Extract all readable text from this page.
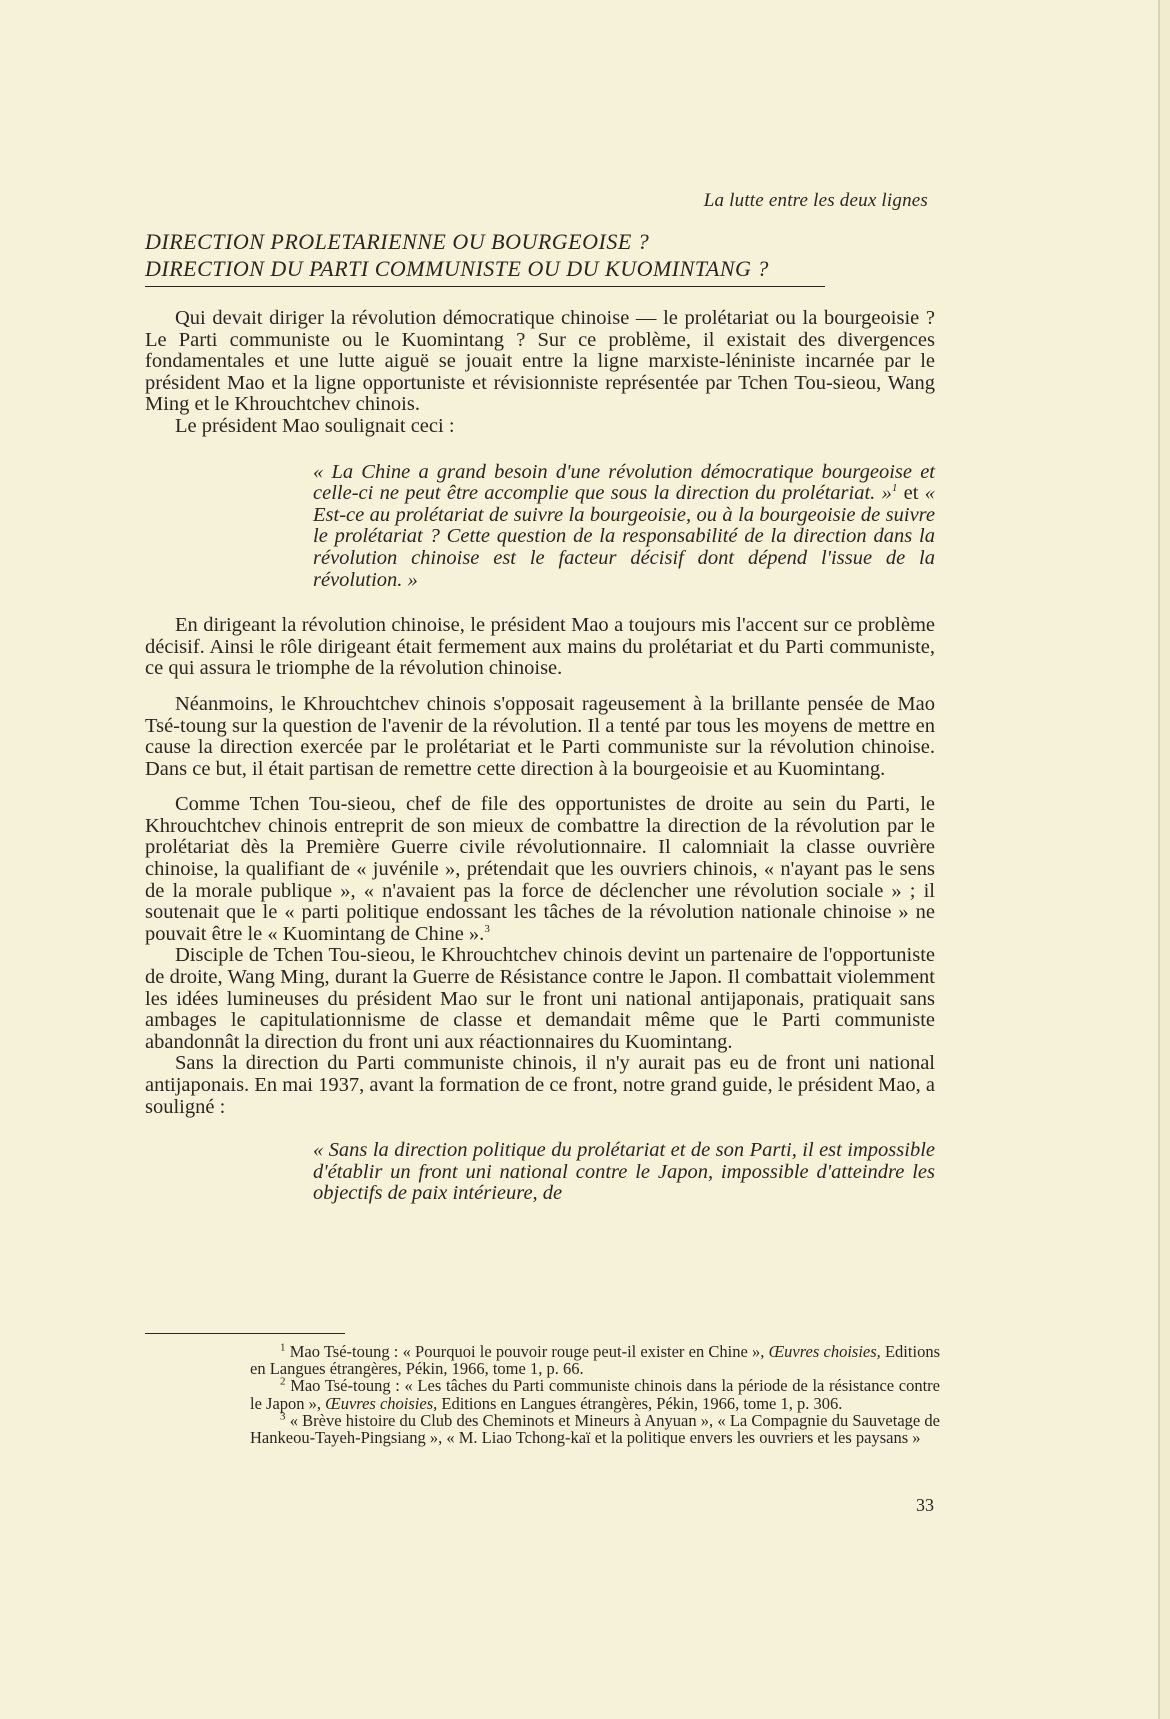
La lutte entre les deux lignes
DIRECTION PROLETARIENNE OU BOURGEOISE ?
DIRECTION DU PARTI COMMUNISTE OU DU KUOMINTANG ?

Qui devait diriger la révolution démocratique chinoise — le prolétariat ou la bourgeoisie ? Le Parti communiste ou le Kuomintang ? Sur ce problème, il existait des divergences fondamentales et une lutte aiguë se jouait entre la ligne marxiste-léniniste incarnée par le président Mao et la ligne opportuniste et révisionniste représentée par Tchen Tou-sieou, Wang Ming et le Khrouchtchev chinois.

Le président Mao soulignait ceci :

« La Chine a grand besoin d'une révolution démocratique bourgeoise et celle-ci ne peut être accomplie que sous la direction du prolétariat. »$^1$ et « Est-ce au prolétariat de suivre la bourgeoisie, ou à la bourgeoisie de suivre le prolétariat ? Cette question de la responsabilité de la direction dans la révolution chinoise est le facteur décisif dont dépend l'issue de la révolution. »

En dirigeant la révolution chinoise, le président Mao a toujours mis l'accent sur ce problème décisif. Ainsi le rôle dirigeant était fermement aux mains du prolétariat et du Parti communiste, ce qui assura le triomphe de la révolution chinoise.

Néanmoins, le Khrouchtchev chinois s'opposait rageusement à la brillante pensée de Mao Tsé-toung sur la question de l'avenir de la révolution. Il a tenté par tous les moyens de mettre en cause la direction exercée par le prolétariat et le Parti communiste sur la révolution chinoise. Dans ce but, il était partisan de remettre cette direction à la bourgeoisie et au Kuomintang.

Comme Tchen Tou-sieou, chef de file des opportunistes de droite au sein du Parti, le Khrouchtchev chinois entreprit de son mieux de combattre la direction de la révolution par le prolétariat dès la Première Guerre civile révolutionnaire. Il calomniait la classe ouvrière chinoise, la qualifiant de « juvénile », prétendait que les ouvriers chinois, « n'ayant pas le sens de la morale publique », « n'avaient pas la force de déclencher une révolution sociale » ; il soutenait que le « parti politique endossant les tâches de la révolution nationale chinoise » ne pouvait être le « Kuomintang de Chine ».$^3$

Disciple de Tchen Tou-sieou, le Khrouchtchev chinois devint un partenaire de l'opportuniste de droite, Wang Ming, durant la Guerre de Résistance contre le Japon. Il combattait violemment les idées lumineuses du président Mao sur le front uni national antijaponais, pratiquait sans ambages le capitulationnisme de classe et demandait même que le Parti communiste abandonnât la direction du front uni aux réactionnaires du Kuomintang.

Sans la direction du Parti communiste chinois, il n'y aurait pas eu de front uni national antijaponais. En mai 1937, avant la formation de ce front, notre grand guide, le président Mao, a souligné :

« Sans la direction politique du prolétariat et de son Parti, il est impossible d'établir un front uni national contre le Japon, impossible d'atteindre les objectifs de paix intérieure, de

$^1$ Mao Tsé-toung : « Pourquoi le pouvoir rouge peut-il exister en Chine », Œuvres choisies, Editions en Langues étrangères, Pékin, 1966, tome 1, p. 66.

$^2$ Mao Tsé-toung : « Les tâches du Parti communiste chinois dans la période de la résistance contre le Japon », Œuvres choisies, Editions en Langues étrangères, Pékin, 1966, tome 1, p. 306.

$^3$ « Brève histoire du Club des Cheminots et Mineurs à Anyuan », « La Compagnie du Sauvetage de Hankeou-Tayeh-Pingsiang », « M. Liao Tchong-kaï et la politique envers les ouvriers et les paysans »

33
